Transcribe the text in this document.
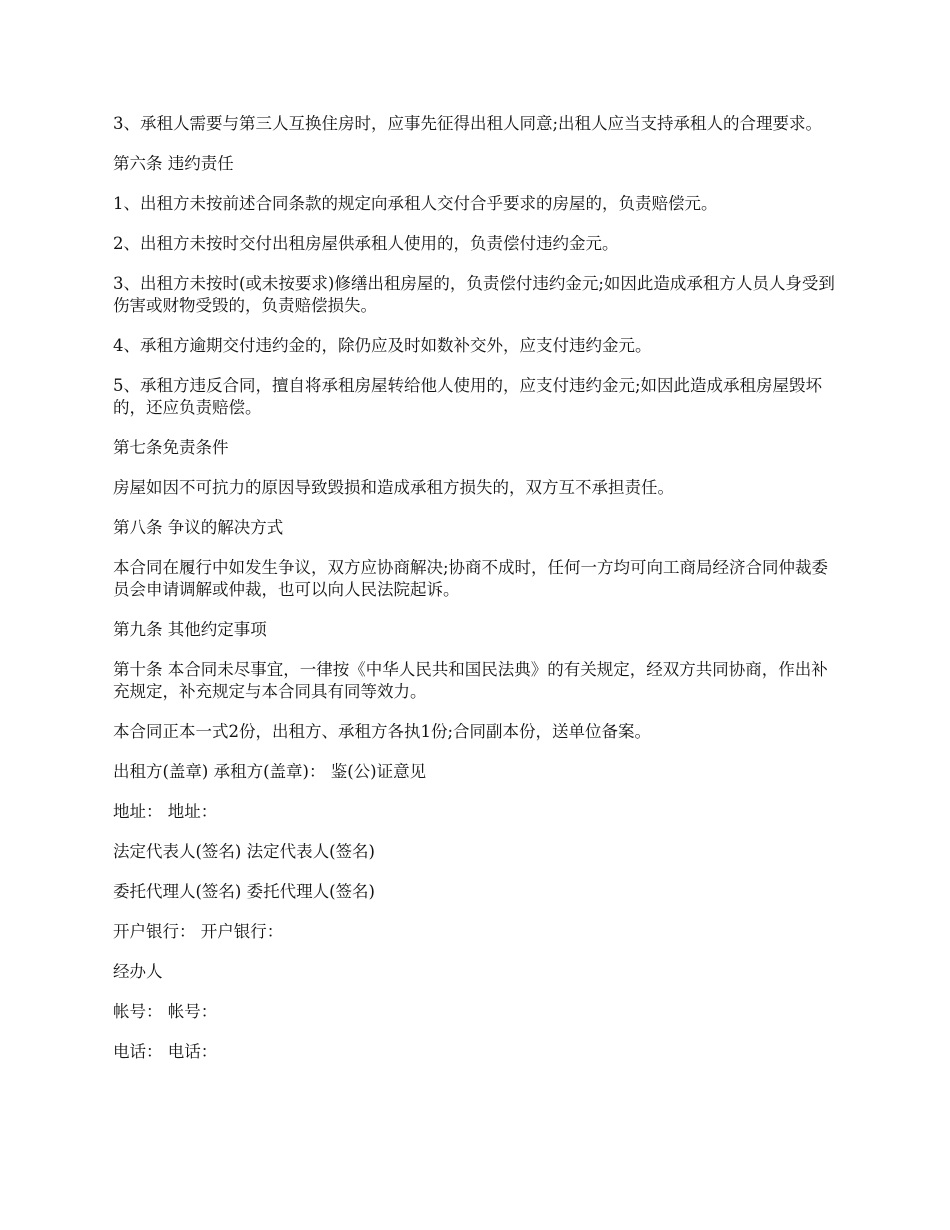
3、承租人需要与第三人互换住房时，应事先征得出租人同意;出租人应当支持承租人的合理要求。

第六条 违约责任

1、出租方未按前述合同条款的规定向承租人交付合乎要求的房屋的，负责赔偿元。

2、出租方未按时交付出租房屋供承租人使用的，负责偿付违约金元。

3、出租方未按时(或未按要求)修缮出租房屋的，负责偿付违约金元;如因此造成承租方人员人身受到伤害或财物受毁的，负责赔偿损失。

4、承租方逾期交付违约金的，除仍应及时如数补交外，应支付违约金元。

5、承租方违反合同，擅自将承租房屋转给他人使用的，应支付违约金元;如因此造成承租房屋毁坏的，还应负责赔偿。

第七条免责条件

房屋如因不可抗力的原因导致毁损和造成承租方损失的，双方互不承担责任。

第八条 争议的解决方式

本合同在履行中如发生争议，双方应协商解决;协商不成时，任何一方均可向工商局经济合同仲裁委员会申请调解或仲裁，也可以向人民法院起诉。

第九条 其他约定事项

第十条 本合同未尽事宜，一律按《中华人民共和国民法典》的有关规定，经双方共同协商，作出补充规定，补充规定与本合同具有同等效力。

本合同正本一式2份，出租方、承租方各执1份;合同副本份，送单位备案。

出租方(盖章) 承租方(盖章)： 鉴(公)证意见

地址： 地址：

法定代表人(签名) 法定代表人(签名)

委托代理人(签名) 委托代理人(签名)

开户银行： 开户银行：

经办人

帐号： 帐号：

电话： 电话：
